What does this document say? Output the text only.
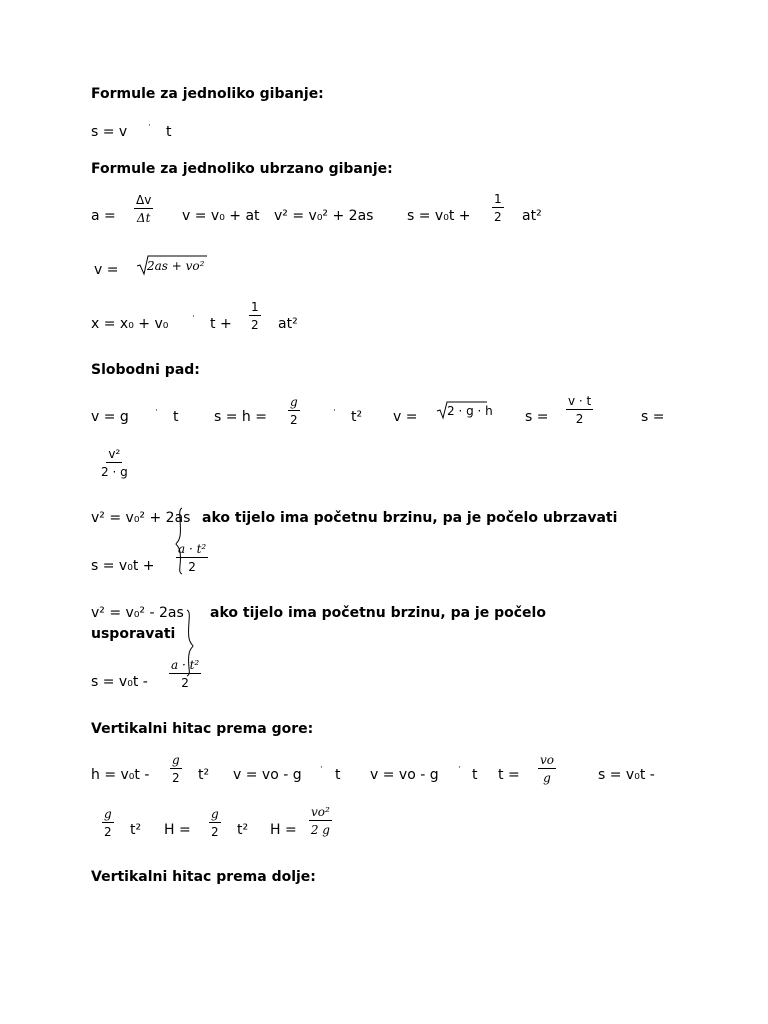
Formule za jednoliko gibanje:
s = v · t
Formule za jednoliko ubrzano gibanje:
$a = \frac{\Delta v}{\Delta t}$ v = v₀ + at v² = v₀² + 2as $s = v_0t + \frac{1}{2} at^2$
v = 2as + vo²
x = x₀ + v₀	· $t + \frac{1}{2} at^2$
Slobodni pad:
v = g	· t	$s = h = \frac{g}{2}$	· t² v = 2 · g · h $s = \frac{v \cdot t}{2}$	s =
$\frac{\text{v²}}{2 \cdot g}$
v² = v₀² + 2as ako tijelo ima početnu brzinu, pa je počelo ubrzavati
$s = v_0t + \frac{\text{a · t²}}{2}$
v² = v₀² - 2as ako tijelo ima početnu brzinu, pa je počelo
usporavati
$s = v_0t - \frac{\text{a · t²}}{2}$
Vertikalni hitac prema gore:
$h = v_0t - \frac{g}{2} t^2$ v = vo - g · t v = vo - g · t $t = \frac{vo}{g}$	s = v₀t -
$\frac{g}{2} t^2$ $H = \frac{g}{2} t^2$ $H = \frac{\text{vo²}}{2 g}$
Vertikalni hitac prema dolje:
